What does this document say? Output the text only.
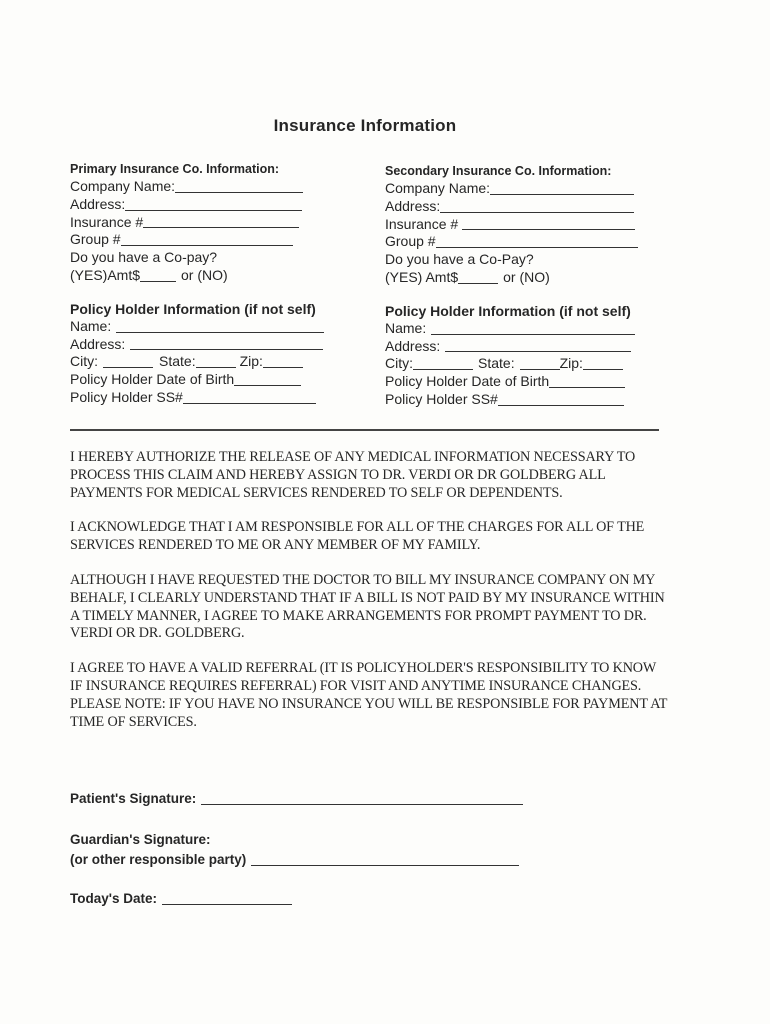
Insurance Information
Primary Insurance Co. Information:
Company Name:
Address:
Insurance #
Group #
Do you have a Co-pay?
(YES)Amt$	or (NO)
Policy Holder Information (if not self)
Name:
Address:
City:	State:	Zip:
Policy Holder Date of Birth
Policy Holder SS#
Secondary Insurance Co. Information:
Company Name:
Address:
Insurance #
Group #
Do you have a Co-Pay?
(YES) Amt$	or (NO)
Policy Holder Information (if not self)
Name:
Address:
City:	State:	Zip:
Policy Holder Date of Birth
Policy Holder SS#

I HEREBY AUTHORIZE THE RELEASE OF ANY MEDICAL INFORMATION NECESSARY TO PROCESS THIS CLAIM AND HEREBY ASSIGN TO DR. VERDI OR DR GOLDBERG ALL PAYMENTS FOR MEDICAL SERVICES RENDERED TO SELF OR DEPENDENTS.

I ACKNOWLEDGE THAT I AM RESPONSIBLE FOR ALL OF THE CHARGES FOR ALL OF THE SERVICES RENDERED TO ME OR ANY MEMBER OF MY FAMILY.

ALTHOUGH I HAVE REQUESTED THE DOCTOR TO BILL MY INSURANCE COMPANY ON MY BEHALF, I CLEARLY UNDERSTAND THAT IF A BILL IS NOT PAID BY MY INSURANCE WITHIN A TIMELY MANNER, I AGREE TO MAKE ARRANGEMENTS FOR PROMPT PAYMENT TO DR. VERDI OR DR. GOLDBERG.

I AGREE TO HAVE A VALID REFERRAL (IT IS POLICYHOLDER'S RESPONSIBILITY TO KNOW IF INSURANCE REQUIRES REFERRAL) FOR VISIT AND ANYTIME INSURANCE CHANGES.

PLEASE NOTE: IF YOU HAVE NO INSURANCE YOU WILL BE RESPONSIBLE FOR PAYMENT AT TIME OF SERVICES.

Patient's Signature:
Guardian's Signature:
(or other responsible party)
Today's Date:
